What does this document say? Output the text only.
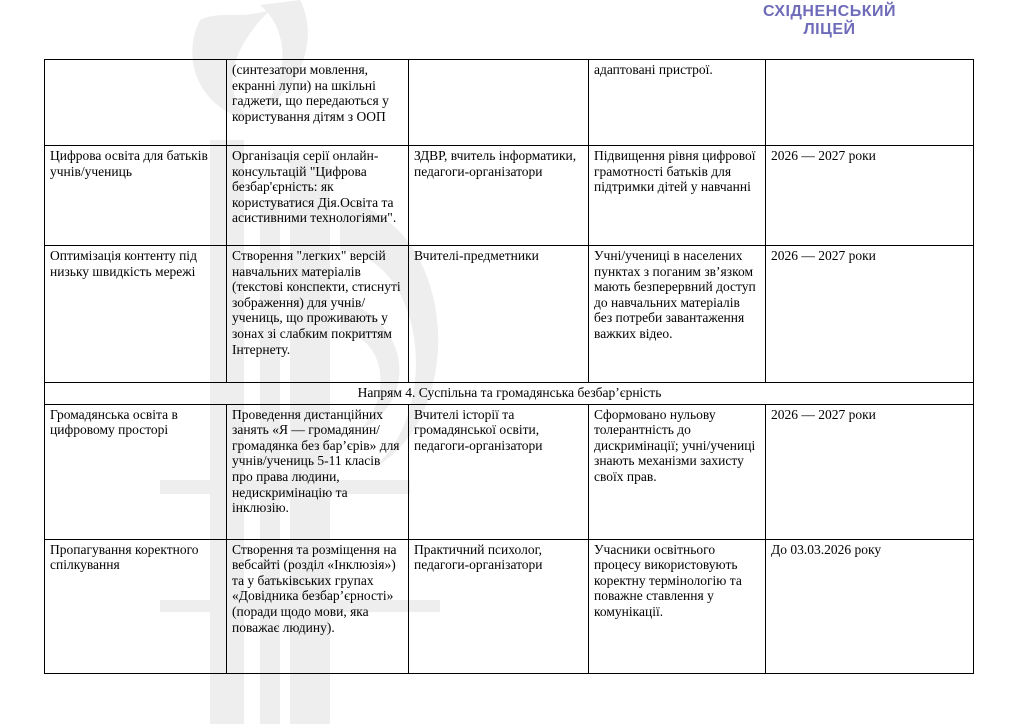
СХІДНЕНСЬКИЙ
ЛІЦЕЙ
	(синтезатори мовлення, екранні лупи) на шкільні гаджети, що передаються у користування дітям з ООП		адаптовані пристрої.	
Цифрова освіта для батьків учнів/учениць	Організація серії онлайн-консультацій "Цифрова безбар'єрність: як користуватися Дія.Освіта та асистивними технологіями".	ЗДВР, вчитель інформатики, педагоги-організатори	Підвищення рівня цифрової грамотності батьків для підтримки дітей у навчанні	2026 — 2027 роки
Оптимізація контенту під низьку швидкість мережі	Створення "легких" версій навчальних матеріалів (текстові конспекти, стиснуті зображення) для учнів/учениць, що проживають у зонах зі слабким покриттям Інтернету.	Вчителі-предметники	Учні/учениці в населених пунктах з поганим зв’язком мають безперервний доступ до навчальних матеріалів без потреби завантаження важких відео.	2026 — 2027 роки
Напрям 4. Суспільна та громадянська безбар’єрність				
Громадянська освіта в цифровому просторі	Проведення дистанційних занять «Я — громадянин/громадянка без бар’єрів» для учнів/учениць 5-11 класів про права людини, недискримінацію та інклюзію.	Вчителі історії та громадянської освіти, педагоги-організатори	Сформовано нульову толерантність до дискримінації; учні/учениці знають механізми захисту своїх прав.	2026 — 2027 роки
Пропагування коректного спілкування	Створення та розміщення на вебсайті (розділ «Інклюзія») та у батьківських групах «Довідника безбар’єрності» (поради щодо мови, яка поважає людину).	Практичний психолог, педагоги-організатори	Учасники освітнього процесу використовують коректну термінологію та поважне ставлення у комунікації.	До 03.03.2026 року
